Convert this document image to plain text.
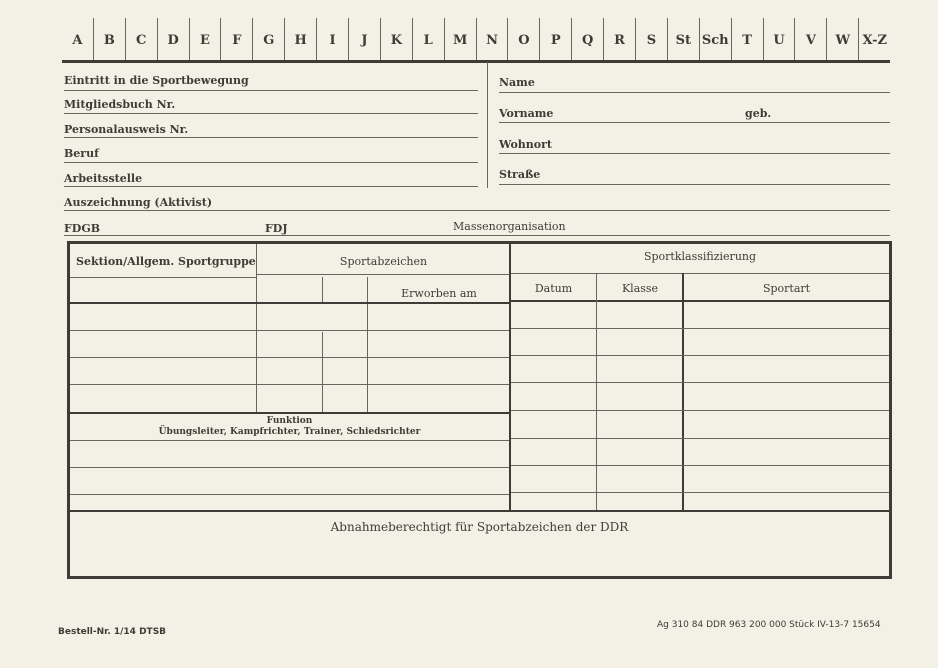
A	B	C	D	E	F	G	H	I	J	K	L	M	N	O	P	Q	R	S	St Sch	T	U	V	W X-Z
Eintritt in die Sportbewegung
Mitgliedsbuch Nr.
Personalausweis Nr.
Beruf
Arbeitsstelle
Auszeichnung (Aktivist)
Name
Vorname	geb.
Wohnort
Straße
FDGB	FDJ	Massenorganisation
Sektion/Allgem. Sportgruppe	Sportabzeichen	Sportklassifizierung
Erworben am	Datum	Klasse	Sportart
Funktion
Übungsleiter, Kampfrichter, Trainer, Schiedsrichter
Abnahmeberechtigt für Sportabzeichen der DDR
Bestell-Nr. 1/14 DTSB
Ag 310 84 DDR 963 200 000 Stück IV-13-7 15654
